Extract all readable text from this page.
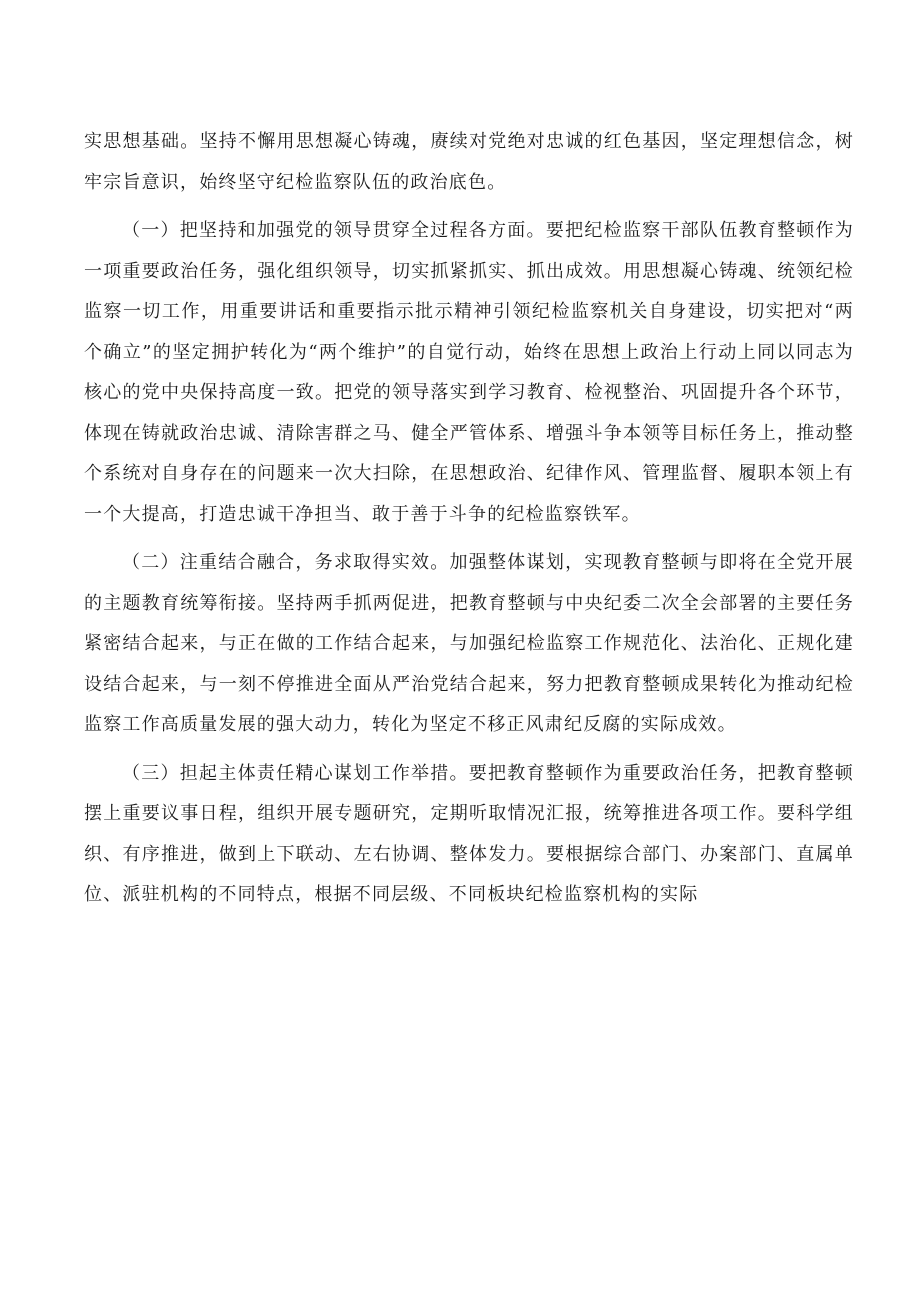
实思想基础。坚持不懈用思想凝心铸魂，赓续对党绝对忠诚的红色基因，坚定理想信念，树牢宗旨意识，始终坚守纪检监察队伍的政治底色。

（一）把坚持和加强党的领导贯穿全过程各方面。要把纪检监察干部队伍教育整顿作为一项重要政治任务，强化组织领导，切实抓紧抓实、抓出成效。用思想凝心铸魂、统领纪检监察一切工作，用重要讲话和重要指示批示精神引领纪检监察机关自身建设，切实把对“两个确立”的坚定拥护转化为“两个维护”的自觉行动，始终在思想上政治上行动上同以同志为核心的党中央保持高度一致。把党的领导落实到学习教育、检视整治、巩固提升各个环节，体现在铸就政治忠诚、清除害群之马、健全严管体系、增强斗争本领等目标任务上，推动整个系统对自身存在的问题来一次大扫除，在思想政治、纪律作风、管理监督、履职本领上有一个大提高，打造忠诚干净担当、敢于善于斗争的纪检监察铁军。

（二）注重结合融合，务求取得实效。加强整体谋划，实现教育整顿与即将在全党开展的主题教育统筹衔接。坚持两手抓两促进，把教育整顿与中央纪委二次全会部署的主要任务紧密结合起来，与正在做的工作结合起来，与加强纪检监察工作规范化、法治化、正规化建设结合起来，与一刻不停推进全面从严治党结合起来，努力把教育整顿成果转化为推动纪检监察工作高质量发展的强大动力，转化为坚定不移正风肃纪反腐的实际成效。

（三）担起主体责任精心谋划工作举措。要把教育整顿作为重要政治任务，把教育整顿摆上重要议事日程，组织开展专题研究，定期听取情况汇报，统筹推进各项工作。要科学组织、有序推进，做到上下联动、左右协调、整体发力。要根据综合部门、办案部门、直属单位、派驻机构的不同特点，根据不同层级、不同板块纪检监察机构的实际
